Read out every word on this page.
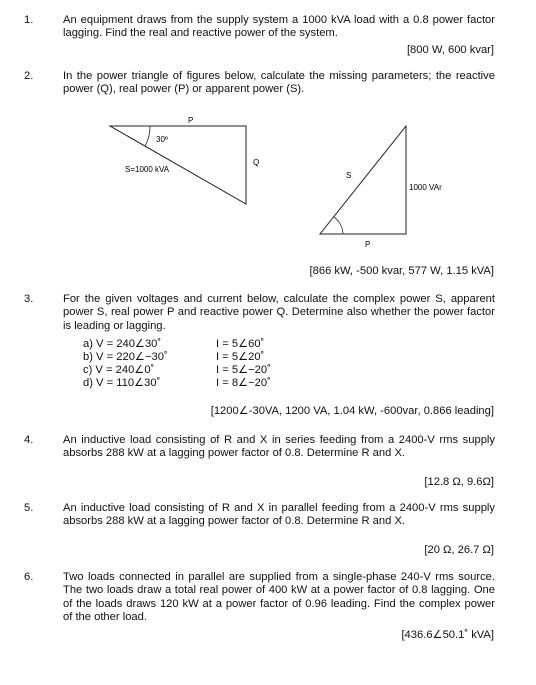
1.	An equipment draws from the supply system a 1000 kVA load with a 0.8 power factor lagging. Find the real and reactive power of the system.
[800 W, 600 kvar]
2.	In the power triangle of figures below, calculate the missing parameters; the reactive power (Q), real power (P) or apparent power (S).
P
30º
S=1000 kVA
Q
S
1000 VAr
P
[866 kW, -500 kvar, 577 W, 1.15 kVA]
3.	For the given voltages and current below, calculate the complex power S, apparent power S, real power P and reactive power Q. Determine also whether the power factor is leading or lagging.
a) V = 240∠30˚	I = 5∠60˚
b) V = 220∠−30˚	I = 5∠20˚
c) V = 240∠0˚	I = 5∠−20˚
d) V = 110∠30˚	I = 8∠−20˚
[1200∠-30VA, 1200 VA, 1.04 kW, -600var, 0.866 leading]
4.	An inductive load consisting of R and X in series feeding from a 2400-V rms supply absorbs 288 kW at a lagging power factor of 0.8. Determine R and X.
[12.8 Ω, 9.6Ω]
5.	An inductive load consisting of R and X in parallel feeding from a 2400-V rms supply absorbs 288 kW at a lagging power factor of 0.8. Determine R and X.
[20 Ω, 26.7 Ω]
6.	Two loads connected in parallel are supplied from a single-phase 240-V rms source. The two loads draw a total real power of 400 kW at a power factor of 0.8 lagging. One of the loads draws 120 kW at a power factor of 0.96 leading. Find the complex power of the other load.
[436.6∠50.1˚ kVA]
